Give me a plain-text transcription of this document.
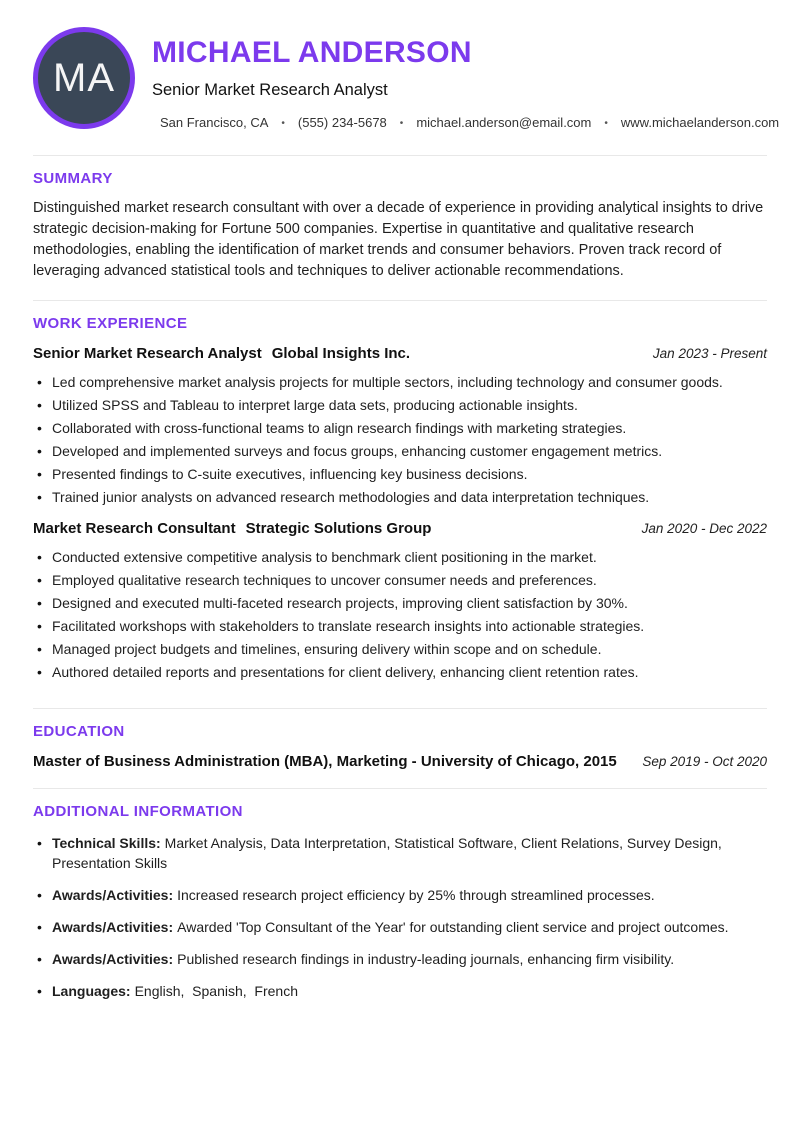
MA
MICHAEL ANDERSON
Senior Market Research Analyst
San Francisco, CA • (555) 234-5678 • michael.anderson@email.com • www.michaelanderson.com
SUMMARY

Distinguished market research consultant with over a decade of experience in providing analytical insights to drive strategic decision-making for Fortune 500 companies. Expertise in quantitative and qualitative research methodologies, enabling the identification of market trends and consumer behaviors. Proven track record of leveraging advanced statistical tools and techniques to deliver actionable recommendations.

WORK EXPERIENCE
Senior Market Research Analyst Global Insights Inc.	Jan 2023 - Present
• Led comprehensive market analysis projects for multiple sectors, including technology and consumer goods.
• Utilized SPSS and Tableau to interpret large data sets, producing actionable insights.
• Collaborated with cross-functional teams to align research findings with marketing strategies.
• Developed and implemented surveys and focus groups, enhancing customer engagement metrics.
• Presented findings to C-suite executives, influencing key business decisions.
• Trained junior analysts on advanced research methodologies and data interpretation techniques.
Market Research Consultant Strategic Solutions Group	Jan 2020 - Dec 2022
• Conducted extensive competitive analysis to benchmark client positioning in the market.
• Employed qualitative research techniques to uncover consumer needs and preferences.
• Designed and executed multi-faceted research projects, improving client satisfaction by 30%.
• Facilitated workshops with stakeholders to translate research insights into actionable strategies.
• Managed project budgets and timelines, ensuring delivery within scope and on schedule.
• Authored detailed reports and presentations for client delivery, enhancing client retention rates.
EDUCATION
Master of Business Administration (MBA), Marketing - University of Chicago, 2015 Sep 2019 - Oct 2020
ADDITIONAL INFORMATION
• Technical Skills: Market Analysis, Data Interpretation, Statistical Software, Client Relations, Survey Design, Presentation Skills
• Awards/Activities: Increased research project efficiency by 25% through streamlined processes.
• Awards/Activities: Awarded 'Top Consultant of the Year' for outstanding client service and project outcomes.
• Awards/Activities: Published research findings in industry-leading journals, enhancing firm visibility.
• Languages: English,  Spanish,  French
